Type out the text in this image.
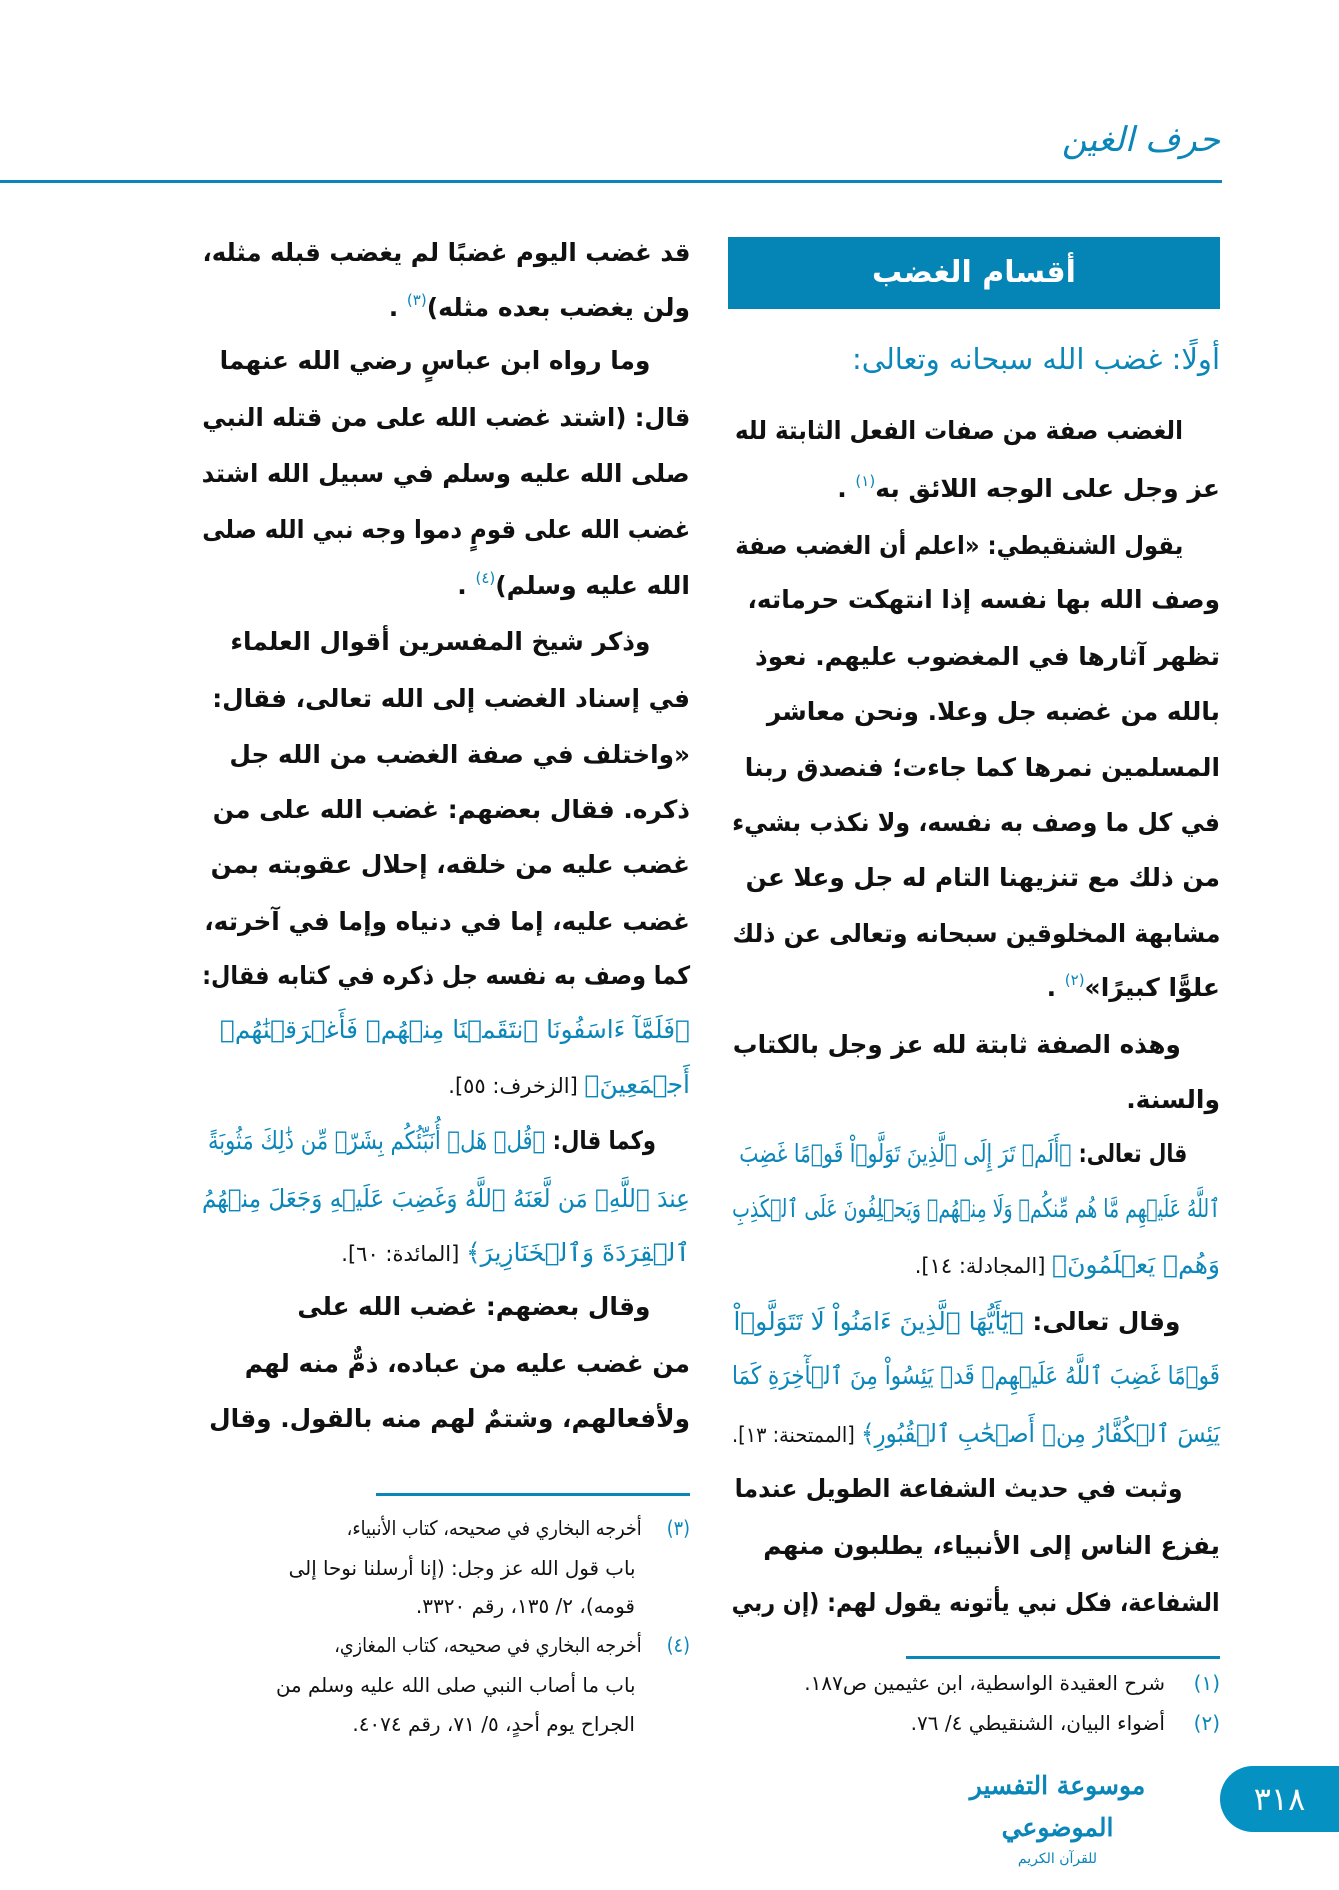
حرف الغين
أقسام الغضب
أولًا: غضب الله سبحانه وتعالى:
الغضب صفة من صفات الفعل الثابتة لله
عز وجل على الوجه اللائق به$^{(١)}$ .
يقول الشنقيطي: «اعلم أن الغضب صفة
وصف الله بها نفسه إذا انتهكت حرماته،
تظهر آثارها في المغضوب عليهم. نعوذ
بالله من غضبه جل وعلا. ونحن معاشر
المسلمين نمرها كما جاءت؛ فنصدق ربنا
في كل ما وصف به نفسه، ولا نكذب بشيء
من ذلك مع تنزيهنا التام له جل وعلا عن
مشابهة المخلوقين سبحانه وتعالى عن ذلك
علوًّا كبيرًا»$^{(٢)}$ .
وهذه الصفة ثابتة لله عز وجل بالكتاب
والسنة.
قال تعالى: ﴿أَلَمۡ تَرَ إِلَى ٱلَّذِينَ تَوَلَّوۡاْ قَوۡمًا غَضِبَ
ٱللَّهُ عَلَيۡهِم مَّا هُم مِّنكُمۡ وَلَا مِنۡهُمۡ وَيَحۡلِفُونَ عَلَى ٱلۡكَذِبِ
وَهُمۡ يَعۡلَمُونَ﴾ [المجادلة: ١٤].
وقال تعالى: ﴿يَٰٓأَيُّهَا ٱلَّذِينَ ءَامَنُواْ لَا تَتَوَلَّوۡاْ
قَوۡمًا غَضِبَ ٱللَّهُ عَلَيۡهِمۡ قَدۡ يَئِسُواْ مِنَ ٱلۡأٓخِرَةِ كَمَا
يَئِسَ ٱلۡكُفَّارُ مِنۡ أَصۡحَٰبِ ٱلۡقُبُورِ﴾ [الممتحنة: ١٣].
وثبت في حديث الشفاعة الطويل عندما
يفزع الناس إلى الأنبياء، يطلبون منهم
الشفاعة، فكل نبي يأتونه يقول لهم: (إن ربي
(١)
شرح العقيدة الواسطية، ابن عثيمين ص١٨٧.
(٢)
أضواء البيان، الشنقيطي ٤/ ٧٦.
قد غضب اليوم غضبًا لم يغضب قبله مثله،
ولن يغضب بعده مثله)$^{(٣)}$ .
وما رواه ابن عباسٍ رضي الله عنهما
قال: (اشتد غضب الله على من قتله النبي
صلى الله عليه وسلم في سبيل الله اشتد
غضب الله على قومٍ دموا وجه نبي الله صلى
الله عليه وسلم)$^{(٤)}$ .
وذكر شيخ المفسرين أقوال العلماء
في إسناد الغضب إلى الله تعالى، فقال:
«واختلف في صفة الغضب من الله جل
ذكره. فقال بعضهم: غضب الله على من
غضب عليه من خلقه، إحلال عقوبته بمن
غضب عليه، إما في دنياه وإما في آخرته،
كما وصف به نفسه جل ذكره في كتابه فقال:
﴿فَلَمَّآ ءَاسَفُونَا ٱنتَقَمۡنَا مِنۡهُمۡ فَأَغۡرَقۡنَٰهُمۡ
أَجۡمَعِينَ﴾ [الزخرف: ٥٥].
وكما قال: ﴿قُلۡ هَلۡ أُنَبِّئُكُم بِشَرّٖ مِّن ذَٰلِكَ مَثُوبَةً
عِندَ ٱللَّهِۚ مَن لَّعَنَهُ ٱللَّهُ وَغَضِبَ عَلَيۡهِ وَجَعَلَ مِنۡهُمُ
ٱلۡقِرَدَةَ وَٱلۡخَنَازِيرَ﴾ [المائدة: ٦٠].
وقال بعضهم: غضب الله على
من غضب عليه من عباده، ذمٌّ منه لهم
ولأفعالهم، وشتمٌ لهم منه بالقول. وقال
(٣)
أخرجه البخاري في صحيحه، كتاب الأنبياء،
باب قول الله عز وجل: (إنا أرسلنا نوحا إلى
قومه)، ٢/ ١٣٥، رقم ٣٣٢٠.
(٤)
أخرجه البخاري في صحيحه، كتاب المغازي،
باب ما أصاب النبي صلى الله عليه وسلم من
الجراح يوم أحدٍ، ٥/ ٧١، رقم ٤٠٧٤.
موسوعة التفسير الموضوعي
للقرآن الكريم
٣١٨
